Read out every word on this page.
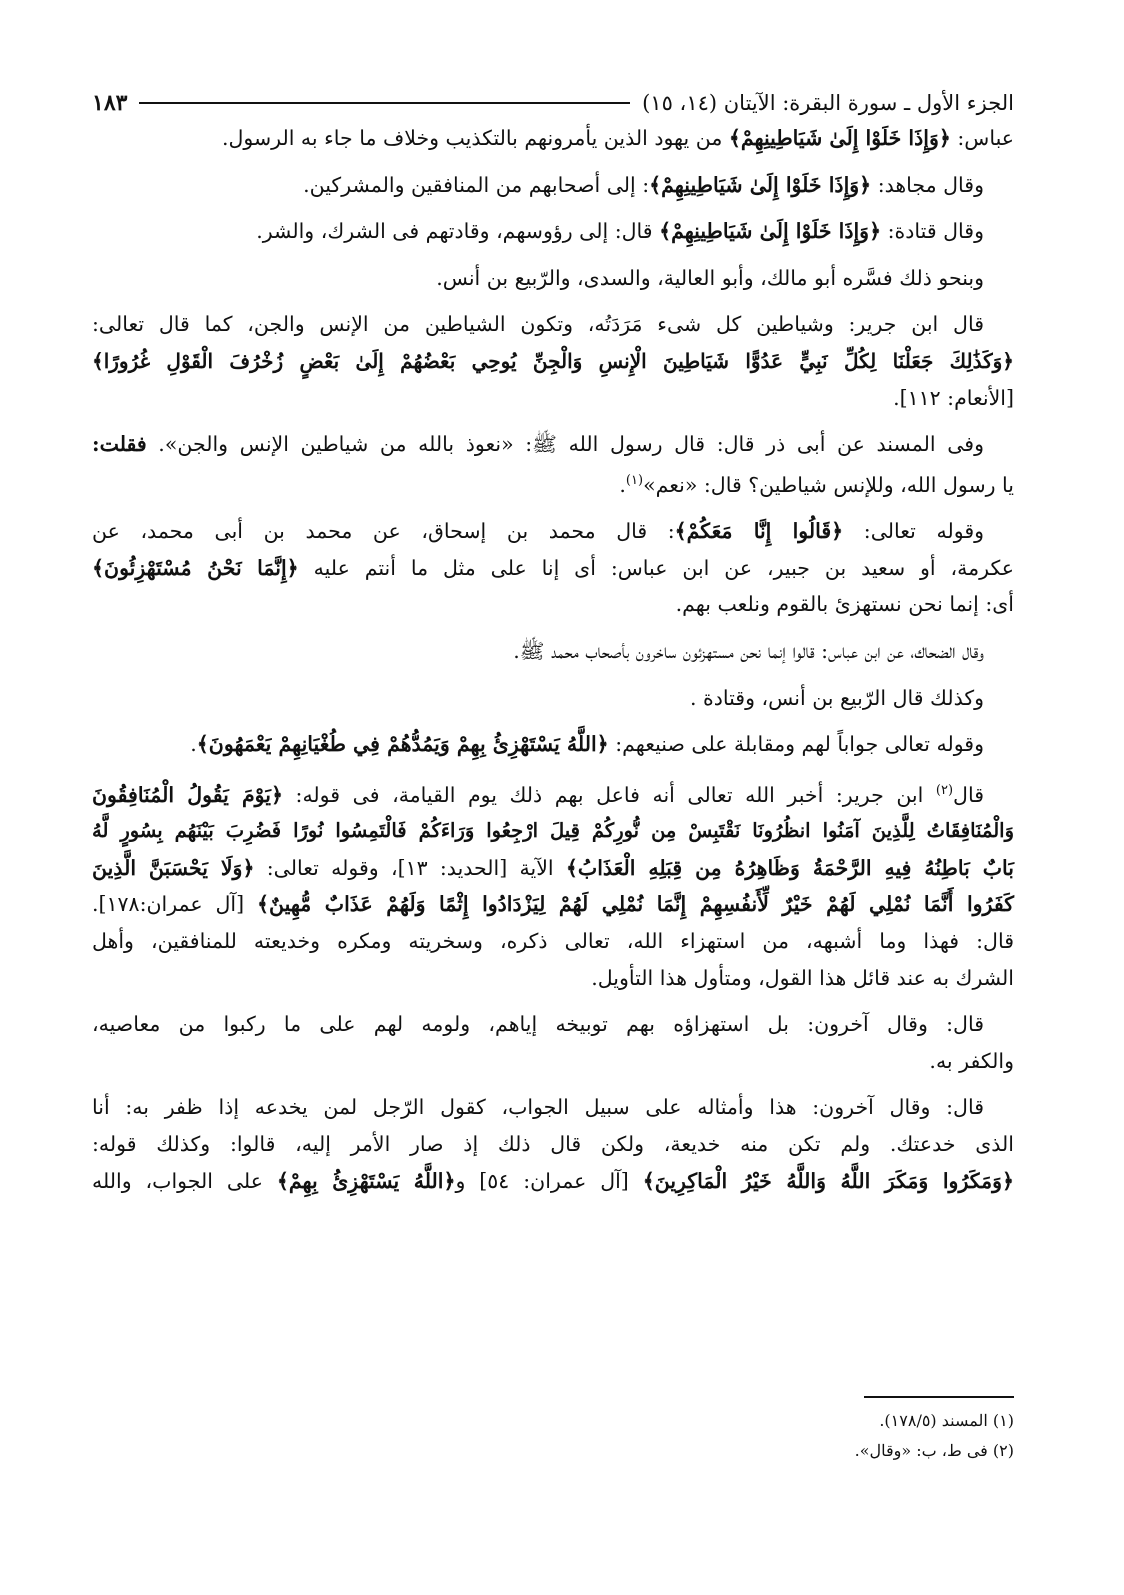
الجزء الأول ـ سورة البقرة: الآيتان (١٤، ١٥)
١٨٣

عباس: ﴿وَإِذَا خَلَوْا إِلَىٰ شَيَاطِينِهِمْ﴾ من يهود الذين يأمرونهم بالتكذيب وخلاف ما جاء به الرسول.

وقال مجاهد: ﴿وَإِذَا خَلَوْا إِلَىٰ شَيَاطِينِهِمْ﴾: إلى أصحابهم من المنافقين والمشركين.

وقال قتادة: ﴿وَإِذَا خَلَوْا إِلَىٰ شَيَاطِينِهِمْ﴾ قال: إلى رؤوسهم، وقادتهم فى الشرك، والشر.

وبنحو ذلك فسَّره أبو مالك، وأبو العالية، والسدى، والرّبيع بن أنس.

قال ابن جرير: وشياطين كل شىء مَرَدَتُه، وتكون الشياطين من الإنس والجن، كما قال تعالى:
﴿وَكَذَٰلِكَ جَعَلْنَا لِكُلِّ نَبِيٍّ عَدُوًّا شَيَاطِينَ الْإِنسِ وَالْجِنِّ يُوحِي بَعْضُهُمْ إِلَىٰ بَعْضٍ زُخْرُفَ الْقَوْلِ غُرُورًا﴾
[الأنعام: ١١٢].

وفى المسند عن أبى ذر قال: قال رسول الله ﷺ: «نعوذ بالله من شياطين الإنس والجن». فقلت:
يا رسول الله، وللإنس شياطين؟ قال: «نعم»$^{(١)}$.

وقوله تعالى: ﴿قَالُوا إِنَّا مَعَكُمْ﴾: قال محمد بن إسحاق، عن محمد بن أبى محمد، عن
عكرمة، أو سعيد بن جبير، عن ابن عباس: أى إنا على مثل ما أنتم عليه ﴿إِنَّمَا نَحْنُ مُسْتَهْزِئُونَ﴾
أى: إنما نحن نستهزئ بالقوم ونلعب بهم.

وقال الضحاك، عن ابن عباس: قالوا إنما نحن مستهزئون ساخرون بأصحاب محمد ﷺ.

وكذلك قال الرّبيع بن أنس، وقتادة .

وقوله تعالى جواباً لهم ومقابلة على صنيعهم: ﴿اللَّهُ يَسْتَهْزِئُ بِهِمْ وَيَمُدُّهُمْ فِي طُغْيَانِهِمْ يَعْمَهُونَ﴾.

قال$^{(٢)}$ ابن جرير: أخبر الله تعالى أنه فاعل بهم ذلك يوم القيامة، فى قوله: ﴿يَوْمَ يَقُولُ الْمُنَافِقُونَ
وَالْمُنَافِقَاتُ لِلَّذِينَ آمَنُوا انظُرُونَا نَقْتَبِسْ مِن نُّورِكُمْ قِيلَ ارْجِعُوا وَرَاءَكُمْ فَالْتَمِسُوا نُورًا فَضُرِبَ بَيْنَهُم بِسُورٍ لَّهُ
بَابٌ بَاطِنُهُ فِيهِ الرَّحْمَةُ وَظَاهِرُهُ مِن قِبَلِهِ الْعَذَابُ﴾ الآية [الحديد: ١٣]، وقوله تعالى: ﴿وَلَا يَحْسَبَنَّ الَّذِينَ
كَفَرُوا أَنَّمَا نُمْلِي لَهُمْ خَيْرٌ لِّأَنفُسِهِمْ إِنَّمَا نُمْلِي لَهُمْ لِيَزْدَادُوا إِثْمًا وَلَهُمْ عَذَابٌ مُّهِينٌ﴾ [آل عمران:١٧٨].
قال: فهذا وما أشبهه، من استهزاء الله، تعالى ذكره، وسخريته ومكره وخديعته للمنافقين، وأهل
الشرك به عند قائل هذا القول، ومتأول هذا التأويل.

قال: وقال آخرون: بل استهزاؤه بهم توبيخه إياهم، ولومه لهم على ما ركبوا من معاصيه،
والكفر به.

قال: وقال آخرون: هذا وأمثاله على سبيل الجواب، كقول الرّجل لمن يخدعه إذا ظفر به: أنا
الذى خدعتك. ولم تكن منه خديعة، ولكن قال ذلك إذ صار الأمر إليه، قالوا: وكذلك قوله:
﴿وَمَكَرُوا وَمَكَرَ اللَّهُ وَاللَّهُ خَيْرُ الْمَاكِرِينَ﴾ [آل عمران: ٥٤] و﴿اللَّهُ يَسْتَهْزِئُ بِهِمْ﴾ على الجواب، والله

(١) المسند (١٧٨/٥).
(٢) فى ط، ب: «وقال».
